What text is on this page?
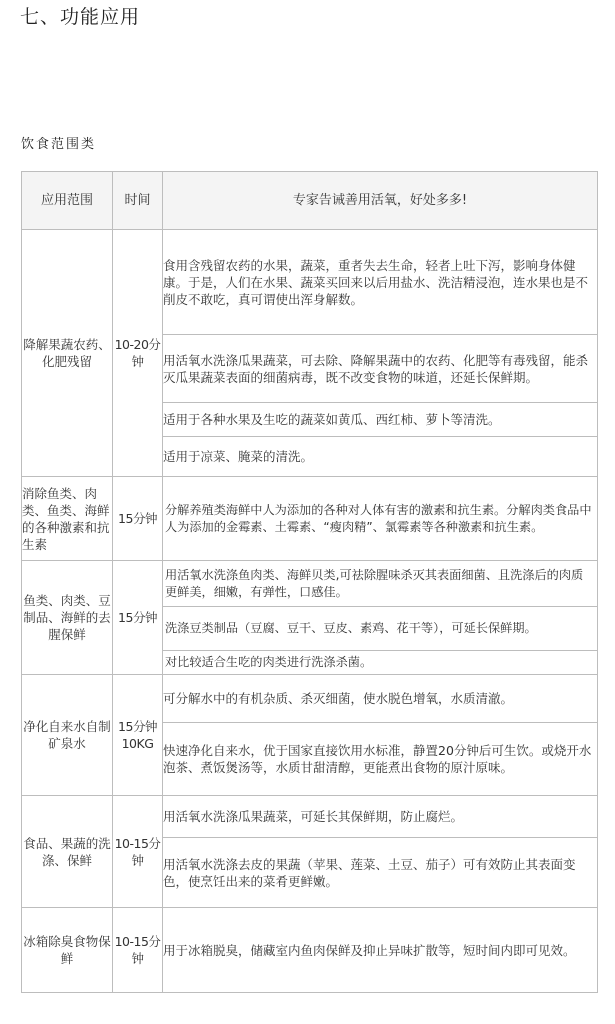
七、功能应用
饮食范围类
应用范围	时间	专家告诫善用活氧，好处多多!
降解果蔬农药、化肥残留	10-20分钟	食用含残留农药的水果，蔬菜，重者失去生命，轻者上吐下泻，影响身体健康。于是，人们在水果、蔬菜买回来以后用盐水、洗洁精浸泡，连水果也是不削皮不敢吃，真可谓使出浑身解数。
		用活氧水洗涤瓜果蔬菜，可去除、降解果蔬中的农药、化肥等有毒残留，能杀灭瓜果蔬菜表面的细菌病毒，既不改变食物的味道，还延长保鲜期。
		适用于各种水果及生吃的蔬菜如黄瓜、西红柿、萝卜等清洗。
		适用于凉菜、腌菜的清洗。
消除鱼类、肉类、鱼类、海鲜的各种激素和抗生素	15分钟	分解养殖类海鲜中人为添加的各种对人体有害的激素和抗生素。分解肉类食品中人为添加的金霉素、土霉素、“瘦肉精”、氯霉素等各种激素和抗生素。
鱼类、肉类、豆制品、海鲜的去腥保鲜	15分钟	用活氧水洗涤鱼肉类、海鲜贝类,可祛除腥味杀灭其表面细菌、且洗涤后的肉质更鲜美，细嫩，有弹性，口感佳。
		洗涤豆类制品（豆腐、豆干、豆皮、素鸡、花干等），可延长保鲜期。
		对比较适合生吃的肉类进行洗涤杀菌。
净化自来水自制矿泉水	15分钟10KG	可分解水中的有机杂质、杀灭细菌，使水脱色增氧，水质清澈。
		快速净化自来水，优于国家直接饮用水标准，静置20分钟后可生饮。或烧开水泡茶、煮饭煲汤等，水质甘甜清醇，更能煮出食物的原汁原味。
食品、果蔬的洗涤、保鲜	10-15分钟	用活氧水洗涤瓜果蔬菜，可延长其保鲜期，防止腐烂。
		用活氧水洗涤去皮的果蔬（苹果、莲菜、土豆、茄子）可有效防止其表面变色，使烹饪出来的菜肴更鲜嫩。
冰箱除臭食物保鲜	10-15分钟	用于冰箱脱臭，储藏室内鱼肉保鲜及抑止异味扩散等，短时间内即可见效。
